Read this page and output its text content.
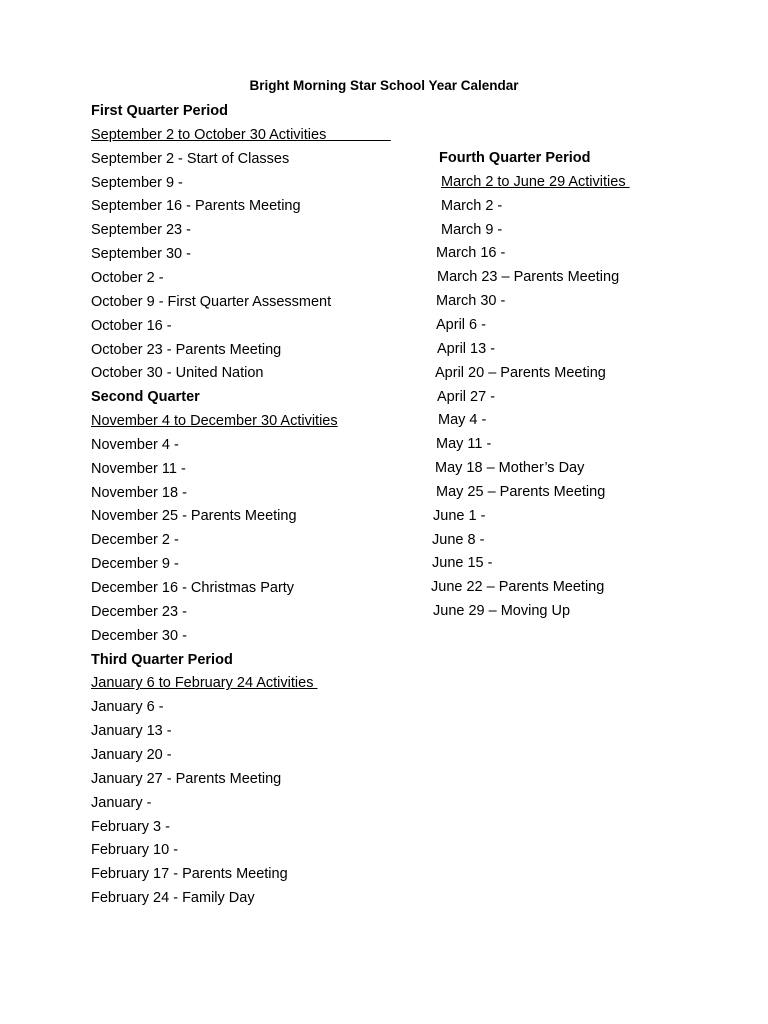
Bright Morning Star School Year Calendar
First Quarter Period
September 2 to October 30 Activities
September 2 - Start of Classes
September 9 -
September 16 - Parents Meeting
September 23 -
September 30 -
October 2 -
October 9 - First Quarter Assessment
October 16 -
October 23 - Parents Meeting
October 30 - United Nation
Second Quarter
November 4 to December 30 Activities
November 4 -
November 11 -
November 18 -
November 25 - Parents Meeting
December 2 -
December 9 -
December 16 - Christmas Party
December 23 -
December 30 -
Third Quarter Period
January 6 to February 24 Activities
January 6 -
January 13 -
January 20 -
January 27 - Parents Meeting
January -
February 3 -
February 10 -
February 17 - Parents Meeting
February 24 - Family Day
Fourth Quarter Period
March 2 to June 29 Activities
March 2 -
March 9 -
March 16 -
March 23 – Parents Meeting
March 30 -
April 6 -
April 13 -
April 20 – Parents Meeting
April 27 -
May 4 -
May 11 -
May 18 – Mother’s Day
May 25 – Parents Meeting
June 1 -
June 8 -
June 15 -
June 22 – Parents Meeting
June 29 – Moving Up
